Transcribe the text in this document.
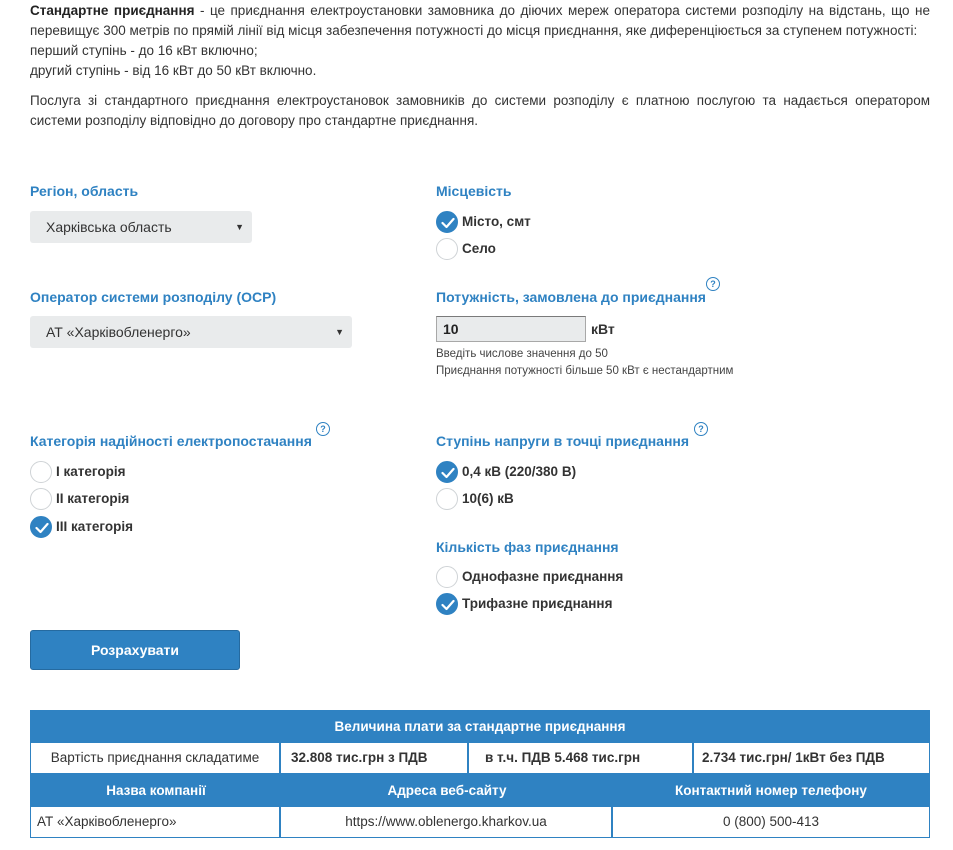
Стандартне приєднання - це приєднання електроустановки замовника до діючих мереж оператора системи розподілу на відстань, що не перевищує 300 метрів по прямій лінії від місця забезпечення потужності до місця приєднання, яке диференціюється за ступенем потужності:

перший ступінь - до 16 кВт включно;

другий ступінь - від 16 кВт до 50 кВт включно.

Послуга зі стандартного приєднання електроустановок замовників до системи розподілу є платною послугою та надається оператором системи розподілу відповідно до договору про стандартне приєднання.

Регіон, область
Харківська область	▼
Місцевість
Місто, смт
Село
Оператор системи розподілу (ОСР)
АТ «Харківобленерго»	▼
Потужність, замовлена до приєднання
?
10	кВт
Введіть числове значення до 50
Приєднання потужності більше 50 кВт є нестандартним
Категорія надійності електропостачання
?
I категорія
II категорія
III категорія
Ступінь напруги в точці приєднання
?
0,4 кВ (220/380 В)
10(6) кВ
Кількість фаз приєднання
Однофазне приєднання
Трифазне приєднання
Розрахувати
Величина плати за стандартне приєднання
Вартість приєднання складатиме	32.808 тис.грн з ПДВ	в т.ч. ПДВ 5.468 тис.грн	2.734 тис.грн/ 1кВт без ПДВ
Назва компанії	Адреса веб-сайту	Контактний номер телефону
АТ «Харківобленерго»	https://www.oblenergo.kharkov.ua	0 (800) 500-413
